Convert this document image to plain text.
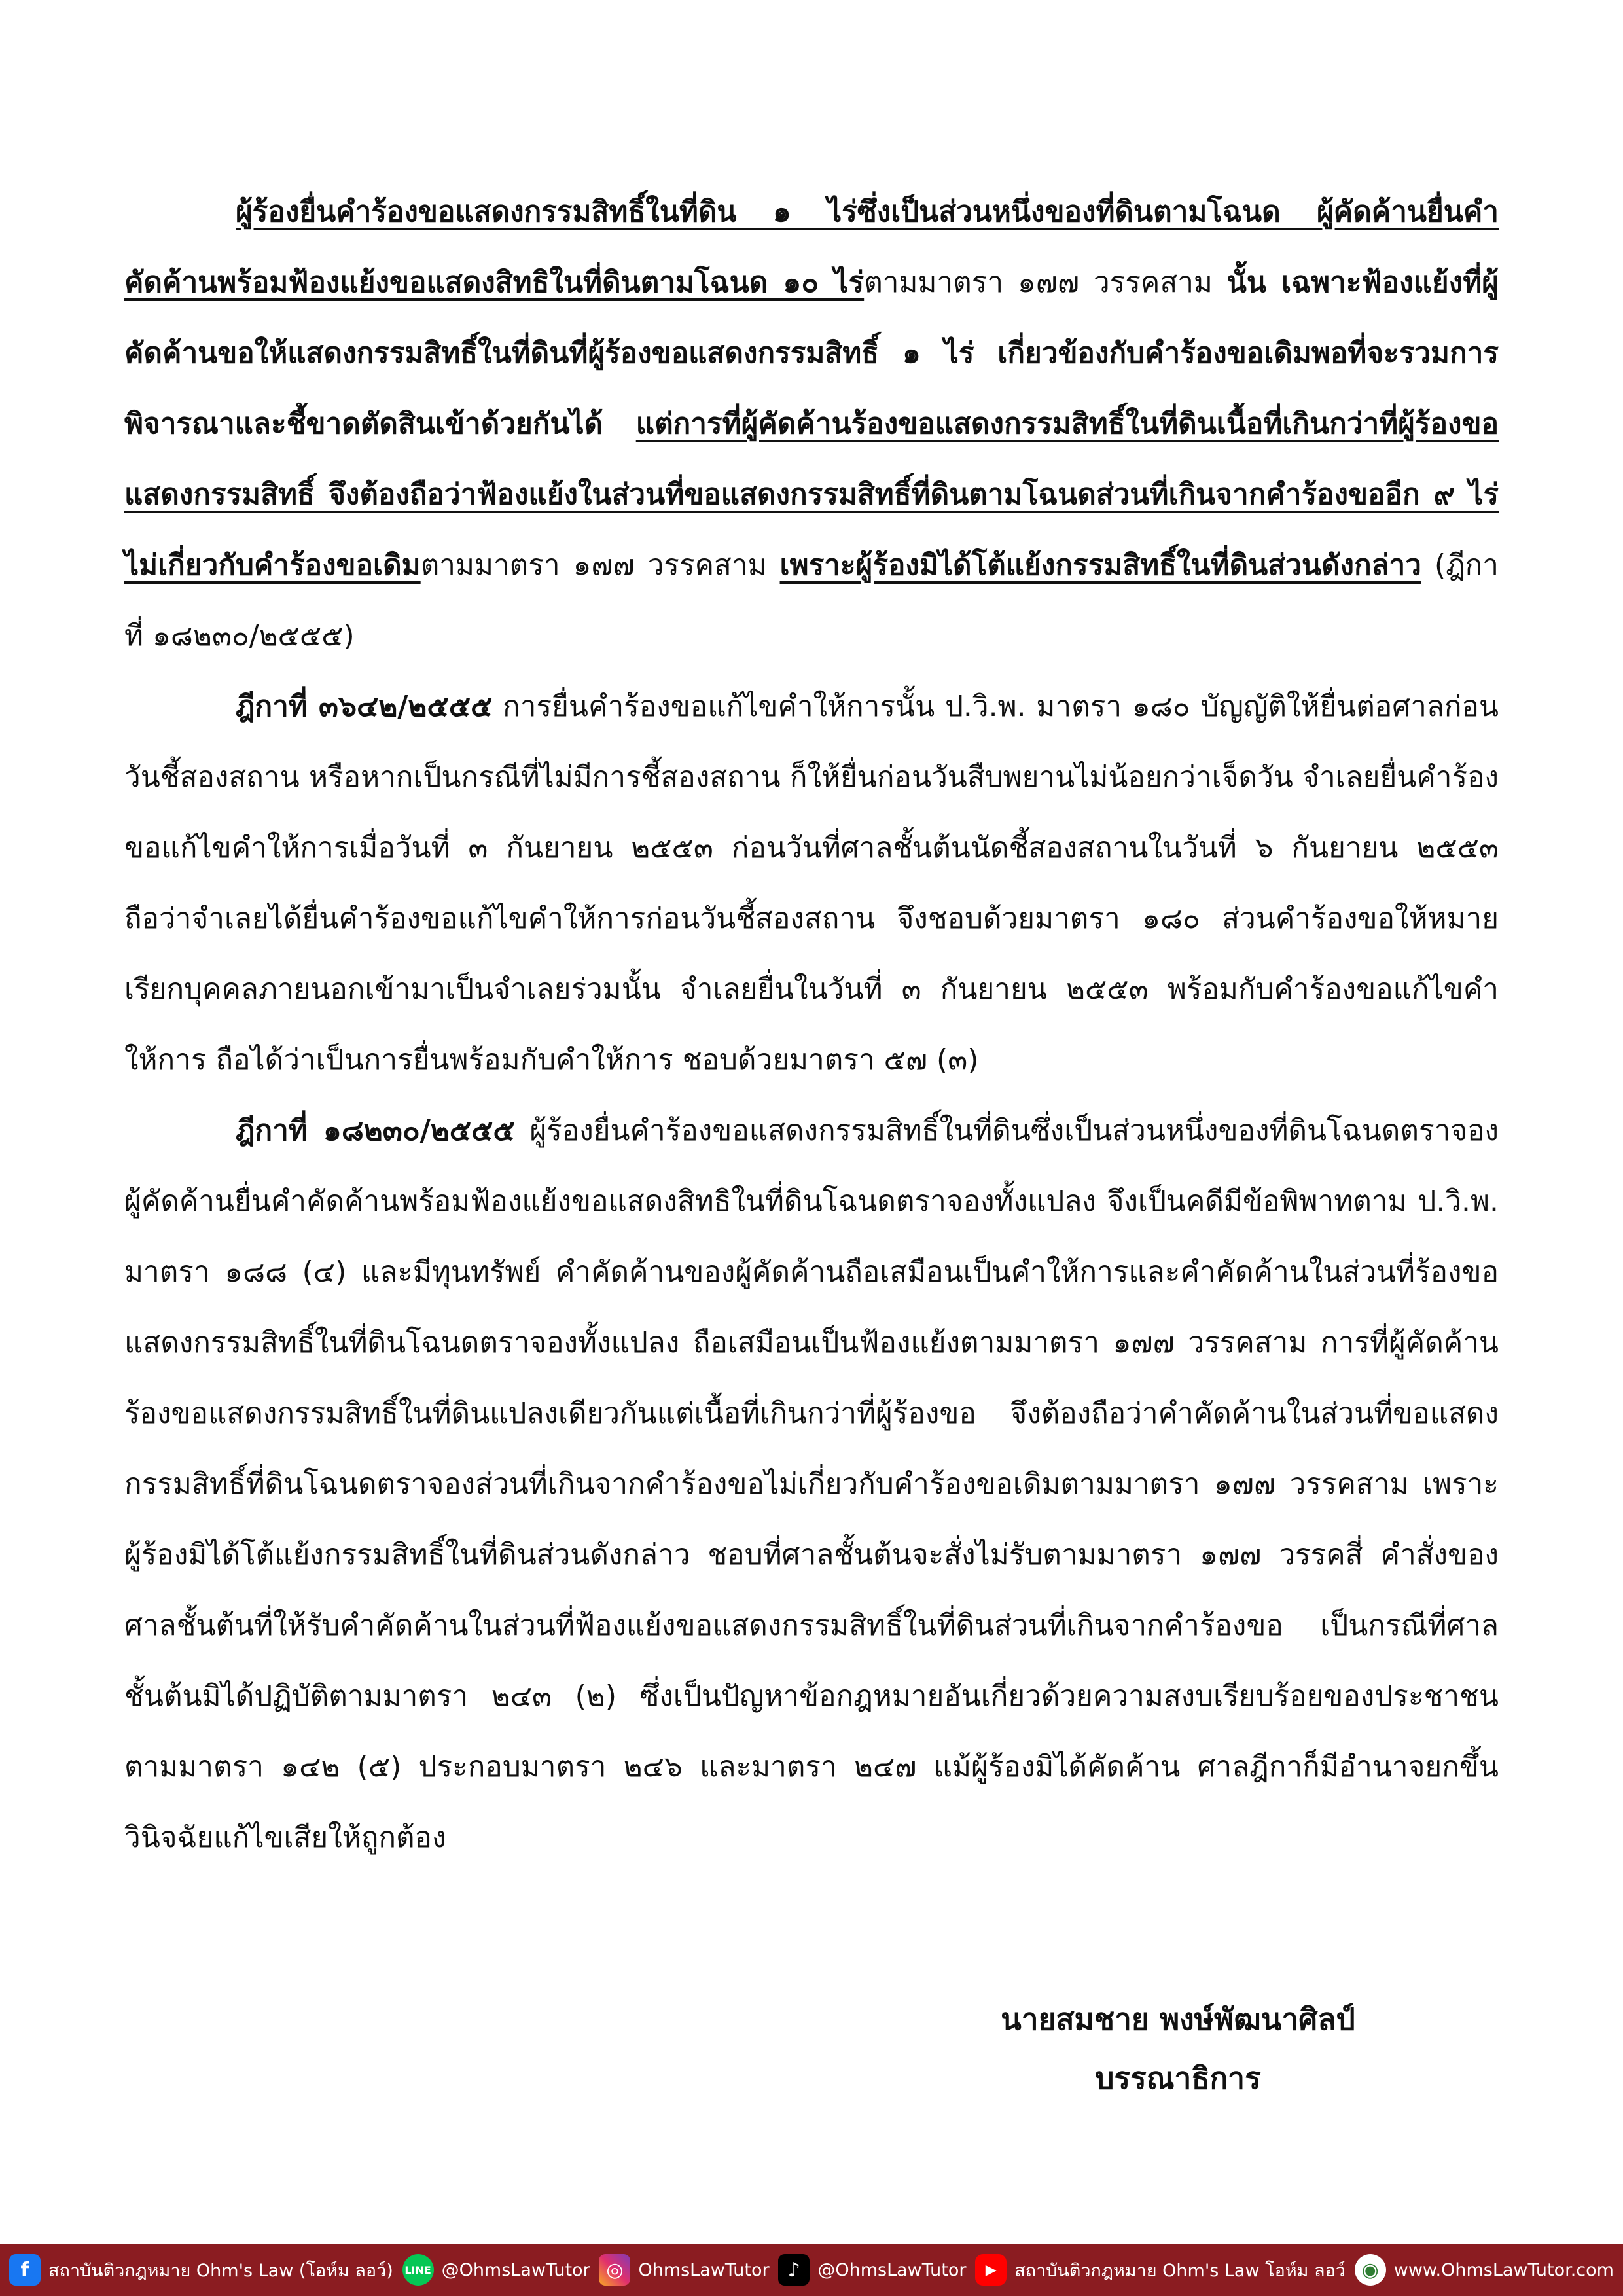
ผู้ร้องยื่นคำร้องขอแสดงกรรมสิทธิ์ในที่ดิน ๑ ไร่ซึ่งเป็นส่วนหนึ่งของที่ดินตามโฉนด ผู้คัดค้านยื่นคำคัดค้านพร้อมฟ้องแย้งขอแสดงสิทธิในที่ดินตามโฉนด ๑๐ ไร่ตามมาตรา ๑๗๗ วรรคสาม นั้น เฉพาะฟ้องแย้งที่ผู้คัดค้านขอให้แสดงกรรมสิทธิ์ในที่ดินที่ผู้ร้องขอแสดงกรรมสิทธิ์ ๑ ไร่ เกี่ยวข้องกับคำร้องขอเดิมพอที่จะรวมการพิจารณาและชี้ขาดตัดสินเข้าด้วยกันได้ แต่การที่ผู้คัดค้านร้องขอแสดงกรรมสิทธิ์ในที่ดินเนื้อที่เกินกว่าที่ผู้ร้องขอแสดงกรรมสิทธิ์ จึงต้องถือว่าฟ้องแย้งในส่วนที่ขอแสดงกรรมสิทธิ์ที่ดินตามโฉนดส่วนที่เกินจากคำร้องขออีก ๙ ไร่ ไม่เกี่ยวกับคำร้องขอเดิมตามมาตรา ๑๗๗ วรรคสาม เพราะผู้ร้องมิได้โต้แย้งกรรมสิทธิ์ในที่ดินส่วนดังกล่าว (ฎีกาที่ ๑๘๒๓๐/๒๕๕๕)

ฎีกาที่ ๓๖๔๒/๒๕๕๕ การยื่นคำร้องขอแก้ไขคำให้การนั้น ป.วิ.พ. มาตรา ๑๘๐ บัญญัติให้ยื่นต่อศาลก่อนวันชี้สองสถาน หรือหากเป็นกรณีที่ไม่มีการชี้สองสถาน ก็ให้ยื่นก่อนวันสืบพยานไม่น้อยกว่าเจ็ดวัน จำเลยยื่นคำร้องขอแก้ไขคำให้การเมื่อวันที่ ๓ กันยายน ๒๕๕๓ ก่อนวันที่ศาลชั้นต้นนัดชี้สองสถานในวันที่ ๖ กันยายน ๒๕๕๓ ถือว่าจำเลยได้ยื่นคำร้องขอแก้ไขคำให้การก่อนวันชี้สองสถาน จึงชอบด้วยมาตรา ๑๘๐ ส่วนคำร้องขอให้หมายเรียกบุคคลภายนอกเข้ามาเป็นจำเลยร่วมนั้น จำเลยยื่นในวันที่ ๓ กันยายน ๒๕๕๓ พร้อมกับคำร้องขอแก้ไขคำให้การ ถือได้ว่าเป็นการยื่นพร้อมกับคำให้การ ชอบด้วยมาตรา ๕๗ (๓)

ฎีกาที่ ๑๘๒๓๐/๒๕๕๕ ผู้ร้องยื่นคำร้องขอแสดงกรรมสิทธิ์ในที่ดินซึ่งเป็นส่วนหนึ่งของที่ดินโฉนดตราจอง ผู้คัดค้านยื่นคำคัดค้านพร้อมฟ้องแย้งขอแสดงสิทธิในที่ดินโฉนดตราจองทั้งแปลง จึงเป็นคดีมีข้อพิพาทตาม ป.วิ.พ. มาตรา ๑๘๘ (๔) และมีทุนทรัพย์ คำคัดค้านของผู้คัดค้านถือเสมือนเป็นคำให้การและคำคัดค้านในส่วนที่ร้องขอแสดงกรรมสิทธิ์ในที่ดินโฉนดตราจองทั้งแปลง ถือเสมือนเป็นฟ้องแย้งตามมาตรา ๑๗๗ วรรคสาม การที่ผู้คัดค้านร้องขอแสดงกรรมสิทธิ์ในที่ดินแปลงเดียวกันแต่เนื้อที่เกินกว่าที่ผู้ร้องขอ จึงต้องถือว่าคำคัดค้านในส่วนที่ขอแสดงกรรมสิทธิ์ที่ดินโฉนดตราจองส่วนที่เกินจากคำร้องขอไม่เกี่ยวกับคำร้องขอเดิมตามมาตรา ๑๗๗ วรรคสาม เพราะผู้ร้องมิได้โต้แย้งกรรมสิทธิ์ในที่ดินส่วนดังกล่าว ชอบที่ศาลชั้นต้นจะสั่งไม่รับตามมาตรา ๑๗๗ วรรคสี่ คำสั่งของศาลชั้นต้นที่ให้รับคำคัดค้านในส่วนที่ฟ้องแย้งขอแสดงกรรมสิทธิ์ในที่ดินส่วนที่เกินจากคำร้องขอ เป็นกรณีที่ศาลชั้นต้นมิได้ปฏิบัติตามมาตรา ๒๔๓ (๒) ซึ่งเป็นปัญหาข้อกฎหมายอันเกี่ยวด้วยความสงบเรียบร้อยของประชาชนตามมาตรา ๑๔๒ (๕) ประกอบมาตรา ๒๔๖ และมาตรา ๒๔๗ แม้ผู้ร้องมิได้คัดค้าน ศาลฎีกาก็มีอำนาจยกขึ้นวินิจฉัยแก้ไขเสียให้ถูกต้อง

นายสมชาย พงษ์พัฒนาศิลป์
บรรณาธิการ
f	สถาบันติวกฎหมาย Ohm's Law (โอห์ม ลอว์) LINE @OhmsLawTutor ◎ OhmsLawTutor ♪ @OhmsLawTutor	▶	สถาบันติวกฎหมาย Ohm's Law โอห์ม ลอว์ ◉ www.OhmsLawTutor.com
